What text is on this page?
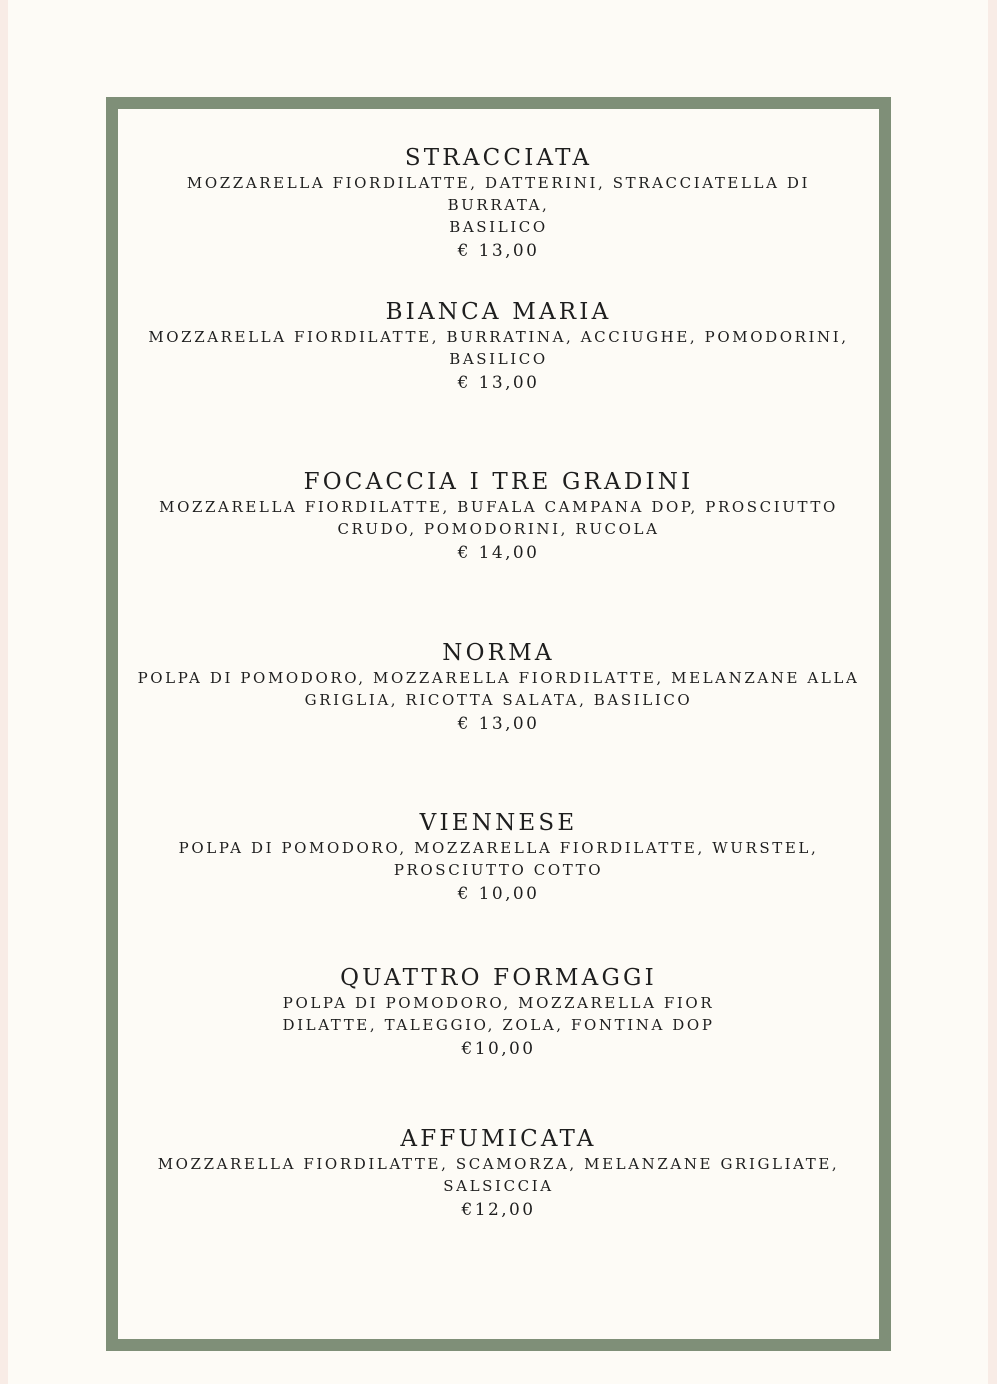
STRACCIATA

MOZZARELLA FIORDILATTE, DATTERINI, STRACCIATELLA DI BURRATA,
BASILICO

€ 13,00

BIANCA MARIA

MOZZARELLA FIORDILATTE, BURRATINA, ACCIUGHE, POMODORINI,
BASILICO

€ 13,00

FOCACCIA I TRE GRADINI

MOZZARELLA FIORDILATTE, BUFALA CAMPANA DOP, PROSCIUTTO
CRUDO, POMODORINI, RUCOLA

€ 14,00

NORMA

POLPA DI POMODORO, MOZZARELLA FIORDILATTE, MELANZANE ALLA
GRIGLIA, RICOTTA SALATA, BASILICO

€ 13,00

VIENNESE

POLPA DI POMODORO, MOZZARELLA FIORDILATTE, WURSTEL,
PROSCIUTTO COTTO

€ 10,00

QUATTRO FORMAGGI

POLPA DI POMODORO, MOZZARELLA FIOR
DILATTE, TALEGGIO, ZOLA, FONTINA DOP

€10,00

AFFUMICATA

MOZZARELLA FIORDILATTE, SCAMORZA, MELANZANE GRIGLIATE,
SALSICCIA

€12,00
